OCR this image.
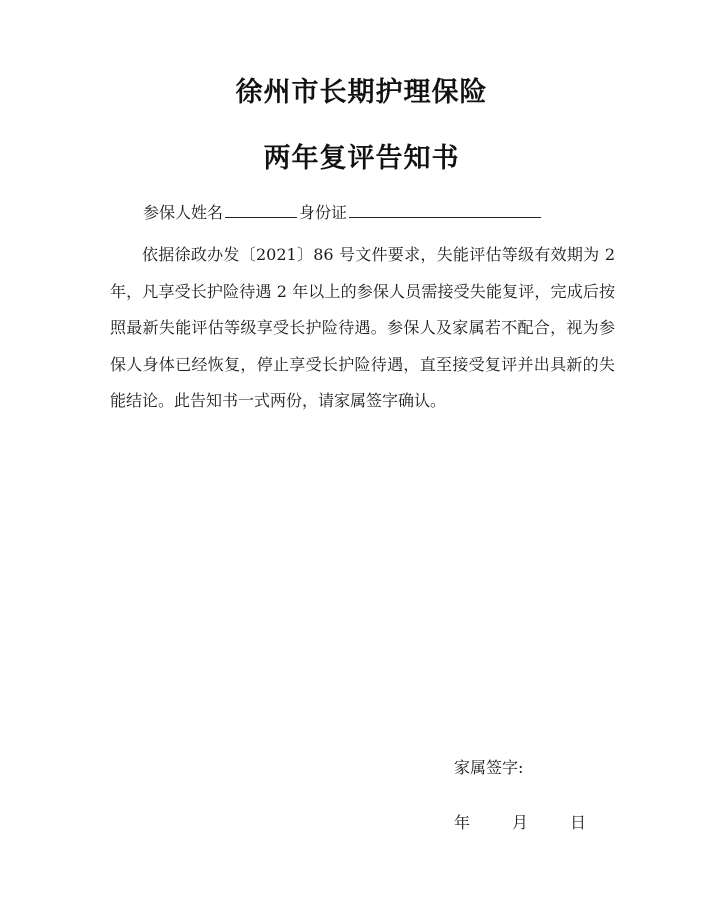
徐州市长期护理保险
两年复评告知书
参保人姓名	身份证
依据徐政办发〔2021〕86 号文件要求，失能评估等级有效期为 2 年，凡享受长护险待遇 2 年以上的参保人员需接受失能复评，完成后按照最新失能评估等级享受长护险待遇。参保人及家属若不配合，视为参保人身体已经恢复，停止享受长护险待遇，直至接受复评并出具新的失能结论。此告知书一式两份，请家属签字确认。
家属签字:
年	月	日
